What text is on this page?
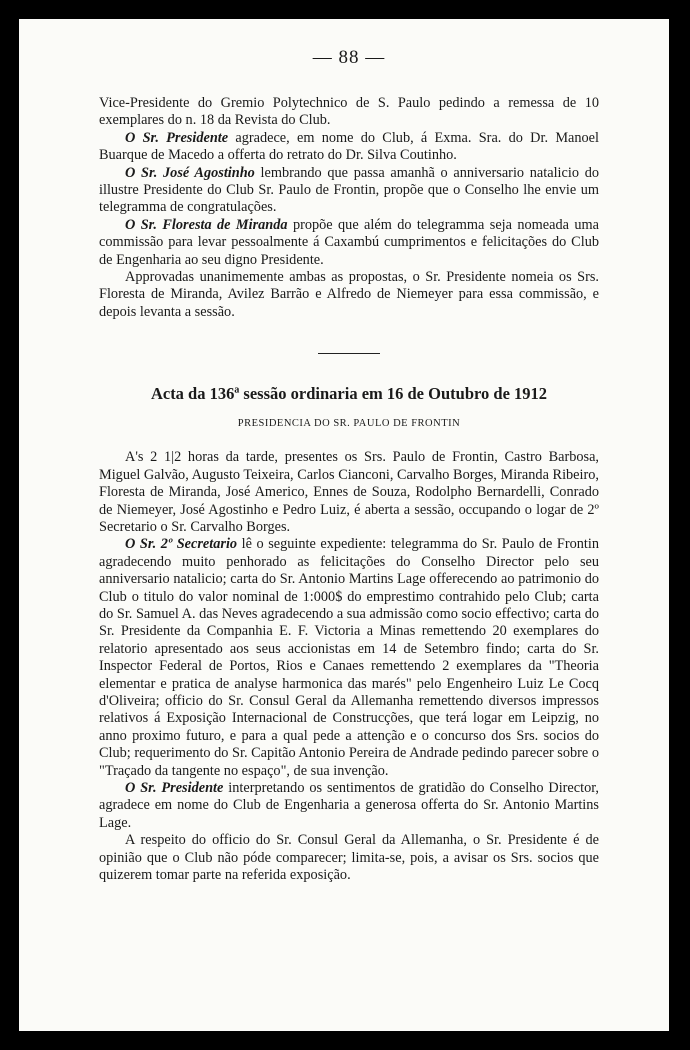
— 88 —

Vice-Presidente do Gremio Polytechnico de S. Paulo pedindo a remessa de 10 exemplares do n. 18 da Revista do Club.

O Sr. Presidente agradece, em nome do Club, á Exma. Sra. do Dr. Manoel Buarque de Macedo a offerta do retrato do Dr. Silva Coutinho.

O Sr. José Agostinho lembrando que passa amanhã o anniversario natalicio do illustre Presidente do Club Sr. Paulo de Frontin, propõe que o Conselho lhe envie um telegramma de congratulações.

O Sr. Floresta de Miranda propõe que além do telegramma seja nomeada uma commissão para levar pessoalmente á Caxambú cumprimentos e felicitações do Club de Engenharia ao seu digno Presidente.

Approvadas unanimemente ambas as propostas, o Sr. Presidente nomeia os Srs. Floresta de Miranda, Avilez Barrão e Alfredo de Niemeyer para essa commissão, e depois levanta a sessão.

Acta da 136ª sessão ordinaria em 16 de Outubro de 1912
PRESIDENCIA DO SR. PAULO DE FRONTIN

A's 2 1|2 horas da tarde, presentes os Srs. Paulo de Frontin, Castro Barbosa, Miguel Galvão, Augusto Teixeira, Carlos Cianconi, Carvalho Borges, Miranda Ribeiro, Floresta de Miranda, José Americo, Ennes de Souza, Rodolpho Bernardelli, Conrado de Niemeyer, José Agostinho e Pedro Luiz, é aberta a sessão, occupando o logar de 2º Secretario o Sr. Carvalho Borges.

O Sr. 2º Secretario lê o seguinte expediente: telegramma do Sr. Paulo de Frontin agradecendo muito penhorado as felicitações do Conselho Director pelo seu anniversario natalicio; carta do Sr. Antonio Martins Lage offerecendo ao patrimonio do Club o titulo do valor nominal de 1:000$ do emprestimo contrahido pelo Club; carta do Sr. Samuel A. das Neves agradecendo a sua admissão como socio effectivo; carta do Sr. Presidente da Companhia E. F. Victoria a Minas remettendo 20 exemplares do relatorio apresentado aos seus accionistas em 14 de Setembro findo; carta do Sr. Inspector Federal de Portos, Rios e Canaes remettendo 2 exemplares da "Theoria elementar e pratica de analyse harmonica das marés" pelo Engenheiro Luiz Le Cocq d'Oliveira; officio do Sr. Consul Geral da Allemanha remettendo diversos impressos relativos á Exposição Internacional de Construcções, que terá logar em Leipzig, no anno proximo futuro, e para a qual pede a attenção e o concurso dos Srs. socios do Club; requerimento do Sr. Capitão Antonio Pereira de Andrade pedindo parecer sobre o "Traçado da tangente no espaço", de sua invenção.

O Sr. Presidente interpretando os sentimentos de gratidão do Conselho Director, agradece em nome do Club de Engenharia a generosa offerta do Sr. Antonio Martins Lage.

A respeito do officio do Sr. Consul Geral da Allemanha, o Sr. Presidente é de opinião que o Club não póde comparecer; limita-se, pois, a avisar os Srs. socios que quizerem tomar parte na referida exposição.
